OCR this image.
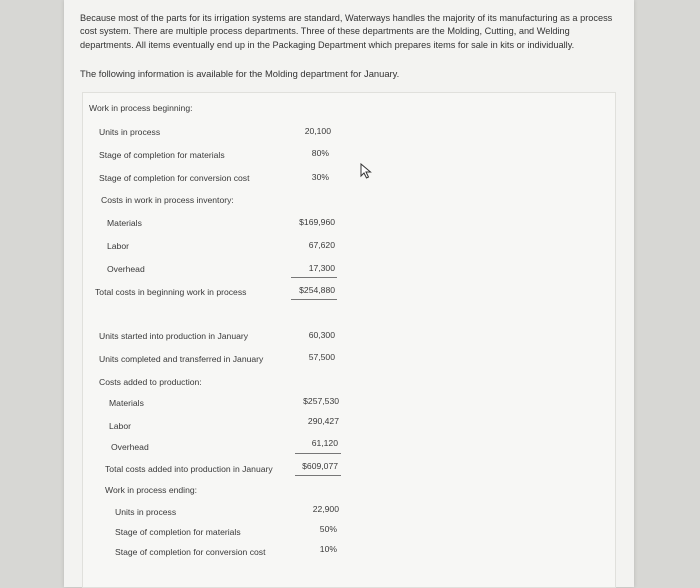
Because most of the parts for its irrigation systems are standard, Waterways handles the majority of its manufacturing as a process cost system. There are multiple process departments. Three of these departments are the Molding, Cutting, and Welding departments. All items eventually end up in the Packaging Department which prepares items for sale in kits or individually.
The following information is available for the Molding department for January.
Work in process beginning:
Units in process	20,100
Stage of completion for materials	80%
Stage of completion for conversion cost	30%
Costs in work in process inventory:
Materials	$169,960
Labor	67,620
Overhead	17,300
Total costs in beginning work in process	$254,880
Units started into production in January	60,300
Units completed and transferred in January	57,500
Costs added to production:
Materials	$257,530
Labor	290,427
Overhead	61,120
Total costs added into production in January	$609,077
Work in process ending:
Units in process	22,900
Stage of completion for materials	50%
Stage of completion for conversion cost	10%
